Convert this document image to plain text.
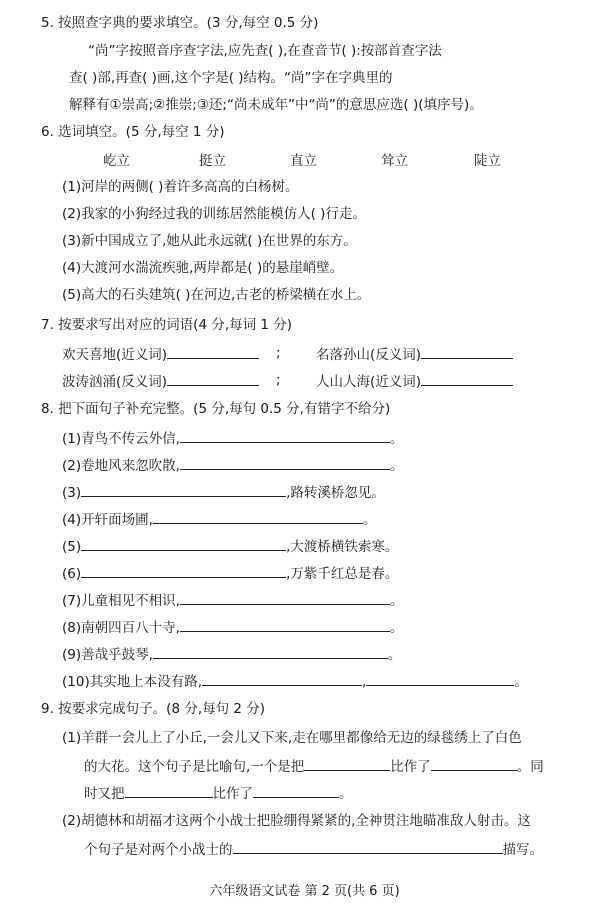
5. 按照查字典的要求填空。(3 分,每空 0.5 分)
“尚”字按照音序查字法,应先查( ),在查音节( ):按部首查字法
查( )部,再查( )画,这个字是( )结构。“尚”字在字典里的
解释有①崇高;②推崇;③还;“尚未成年”中“尚”的意思应选( )(填序号)。
6. 选词填空。(5 分,每空 1 分)
屹立	挺立	直立	耸立	陡立
(1)河岸的两侧( )着许多高高的白杨树。
(2)我家的小狗经过我的训练居然能模仿人( )行走。
(3)新中国成立了,她从此永远就( )在世界的东方。
(4)大渡河水湍流疾驰,两岸都是( )的悬崖峭壁。
(5)高大的石头建筑( )在河边,古老的桥梁横在水上。
7. 按要求写出对应的词语(4 分,每词 1 分)
欢天喜地(近义词)	;	名落孙山(反义词)
波涛汹涌(反义词)	;	人山人海(近义词)
8. 把下面句子补充完整。(5 分,每句 0.5 分,有错字不给分)
(1)青鸟不传云外信,	。
(2)卷地风来忽吹散,	。
(3)	,路转溪桥忽见。
(4)开轩面场圃,	。
(5)	,大渡桥横铁索寒。
(6)	,万紫千红总是春。
(7)儿童相见不相识,	。
(8)南朝四百八十寺,	。
(9)善哉乎鼓琴,	。
(10)其实地上本没有路,	,	。
9. 按要求完成句子。(8 分,每句 2 分)
(1)羊群一会儿上了小丘,一会儿又下来,走在哪里都像给无边的绿毯绣上了白色
的大花。这个句子是比喻句,一个是把	比作了	。同
时又把	比作了	。
(2)胡德林和胡福才这两个小战士把脸绷得紧紧的,全神贯注地瞄准敌人射击。这
个句子是对两个小战士的	描写。
六年级语文试卷 第 2 页(共 6 页)
